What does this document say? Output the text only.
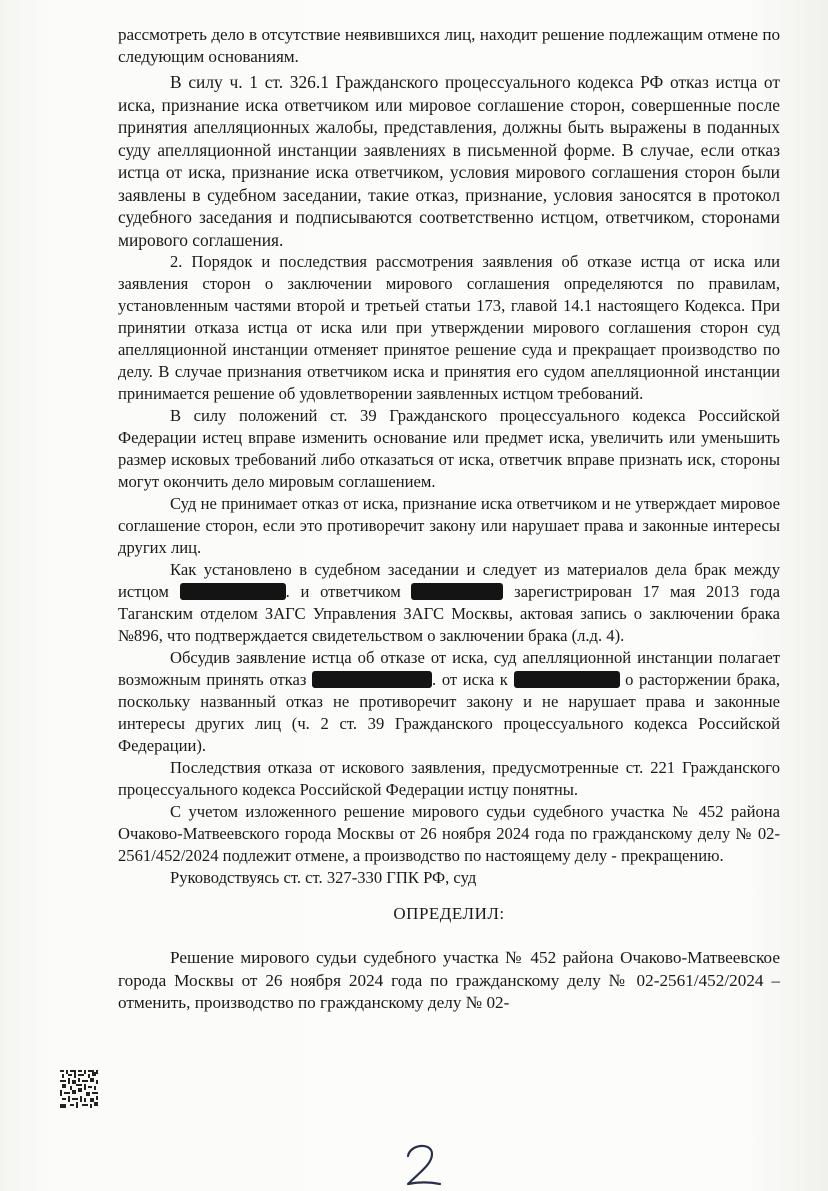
рассмотреть дело в отсутствие неявившихся лиц, находит решение подлежащим отмене по следующим основаниям.

В силу ч. 1 ст. 326.1 Гражданского процессуального кодекса РФ отказ истца от иска, признание иска ответчиком или мировое соглашение сторон, совершенные после принятия апелляционных жалобы, представления, должны быть выражены в поданных суду апелляционной инстанции заявлениях в письменной форме. В случае, если отказ истца от иска, признание иска ответчиком, условия мирового соглашения сторон были заявлены в судебном заседании, такие отказ, признание, условия заносятся в протокол судебного заседания и подписываются соответственно истцом, ответчиком, сторонами мирового соглашения.

2. Порядок и последствия рассмотрения заявления об отказе истца от иска или заявления сторон о заключении мирового соглашения определяются по правилам, установленным частями второй и третьей статьи 173, главой 14.1 настоящего Кодекса. При принятии отказа истца от иска или при утверждении мирового соглашения сторон суд апелляционной инстанции отменяет принятое решение суда и прекращает производство по делу. В случае признания ответчиком иска и принятия его судом апелляционной инстанции принимается решение об удовлетворении заявленных истцом требований.

В силу положений ст. 39 Гражданского процессуального кодекса Российской Федерации истец вправе изменить основание или предмет иска, увеличить или уменьшить размер исковых требований либо отказаться от иска, ответчик вправе признать иск, стороны могут окончить дело мировым соглашением.

Суд не принимает отказ от иска, признание иска ответчиком и не утверждает мировое соглашение сторон, если это противоречит закону или нарушает права и законные интересы других лиц.

Как установлено в судебном заседании и следует из материалов дела брак между истцом	. и ответчиком	зарегистрирован 17 мая 2013 года Таганским отделом ЗАГС Управления ЗАГС Москвы, актовая запись о заключении брака №896, что подтверждается свидетельством о заключении брака (л.д. 4).

Обсудив заявление истца об отказе от иска, суд апелляционной инстанции полагает возможным принять отказ	. от иска к	о расторжении брака, поскольку названный отказ не противоречит закону и не нарушает права и законные интересы других лиц (ч. 2 ст. 39 Гражданского процессуального кодекса Российской Федерации).

Последствия отказа от искового заявления, предусмотренные ст. 221 Гражданского процессуального кодекса Российской Федерации истцу понятны.

С учетом изложенного решение мирового судьи судебного участка № 452 района Очаково-Матвеевского города Москвы от 26 ноября 2024 года по гражданскому делу № 02-2561/452/2024 подлежит отмене, а производство по настоящему делу - прекращению.

Руководствуясь ст. ст. 327-330 ГПК РФ, суд

ОПРЕДЕЛИЛ:

Решение мирового судьи судебного участка № 452 района Очаково-Матвеевское города Москвы от 26 ноября 2024 года по гражданскому делу № 02-2561/452/2024 – отменить, производство по гражданскому делу № 02-
